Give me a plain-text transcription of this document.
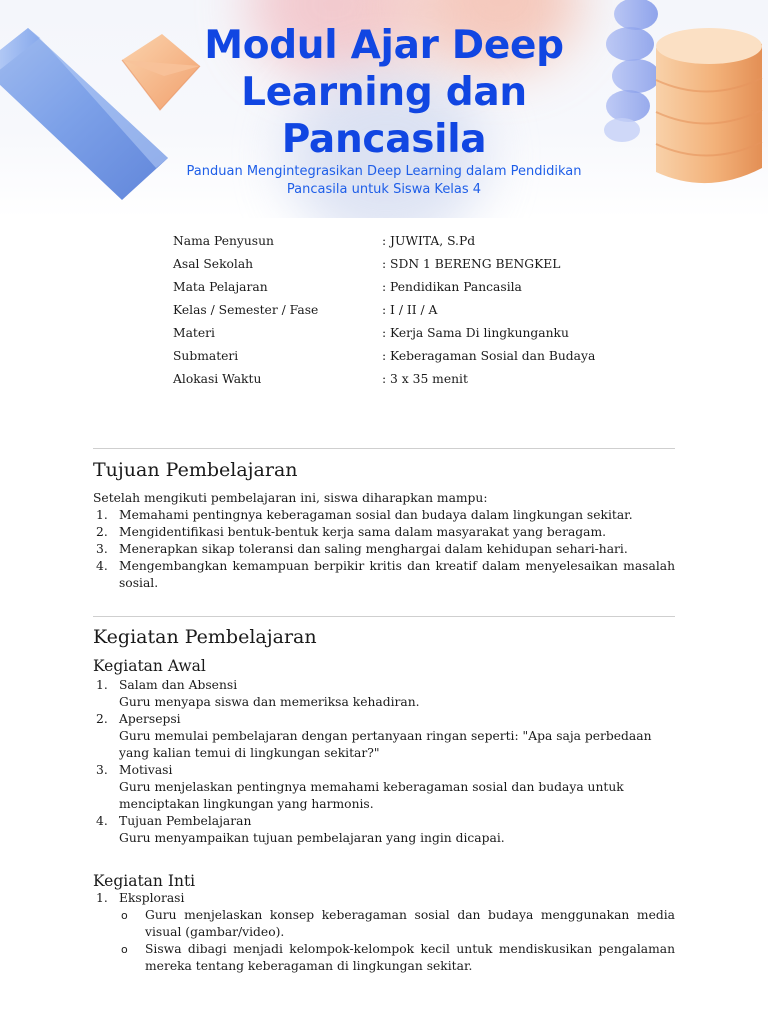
Modul Ajar Deep
Learning dan
Pancasila
Panduan Mengintegrasikan Deep Learning dalam Pendidikan
Pancasila untuk Siswa Kelas 4
Nama Penyusun	: JUWITA, S.Pd
Asal Sekolah	: SDN 1 BERENG BENGKEL
Mata Pelajaran	: Pendidikan Pancasila
Kelas / Semester / Fase	: I / II / A
Materi	: Kerja Sama Di lingkunganku
Submateri	: Keberagaman Sosial dan Budaya
Alokasi Waktu	: 3 x 35 menit
Tujuan Pembelajaran

Setelah mengikuti pembelajaran ini, siswa diharapkan mampu:

1. Memahami pentingnya keberagaman sosial dan budaya dalam lingkungan sekitar.
2. Mengidentifikasi bentuk-bentuk kerja sama dalam masyarakat yang beragam.
3. Menerapkan sikap toleransi dan saling menghargai dalam kehidupan sehari-hari.
4. Mengembangkan kemampuan berpikir kritis dan kreatif dalam menyelesaikan masalah sosial.
Kegiatan Pembelajaran
Kegiatan Awal
1. Salam dan Absensi
Guru menyapa siswa dan memeriksa kehadiran.
2. Apersepsi
Guru memulai pembelajaran dengan pertanyaan ringan seperti: "Apa saja perbedaan yang kalian temui di lingkungan sekitar?"
3. Motivasi
Guru menjelaskan pentingnya memahami keberagaman sosial dan budaya untuk menciptakan lingkungan yang harmonis.
4. Tujuan Pembelajaran
Guru menyampaikan tujuan pembelajaran yang ingin dicapai.
Kegiatan Inti
1. Eksplorasi
o Guru menjelaskan konsep keberagaman sosial dan budaya menggunakan media visual (gambar/video).
o Siswa dibagi menjadi kelompok-kelompok kecil untuk mendiskusikan pengalaman mereka tentang keberagaman di lingkungan sekitar.
